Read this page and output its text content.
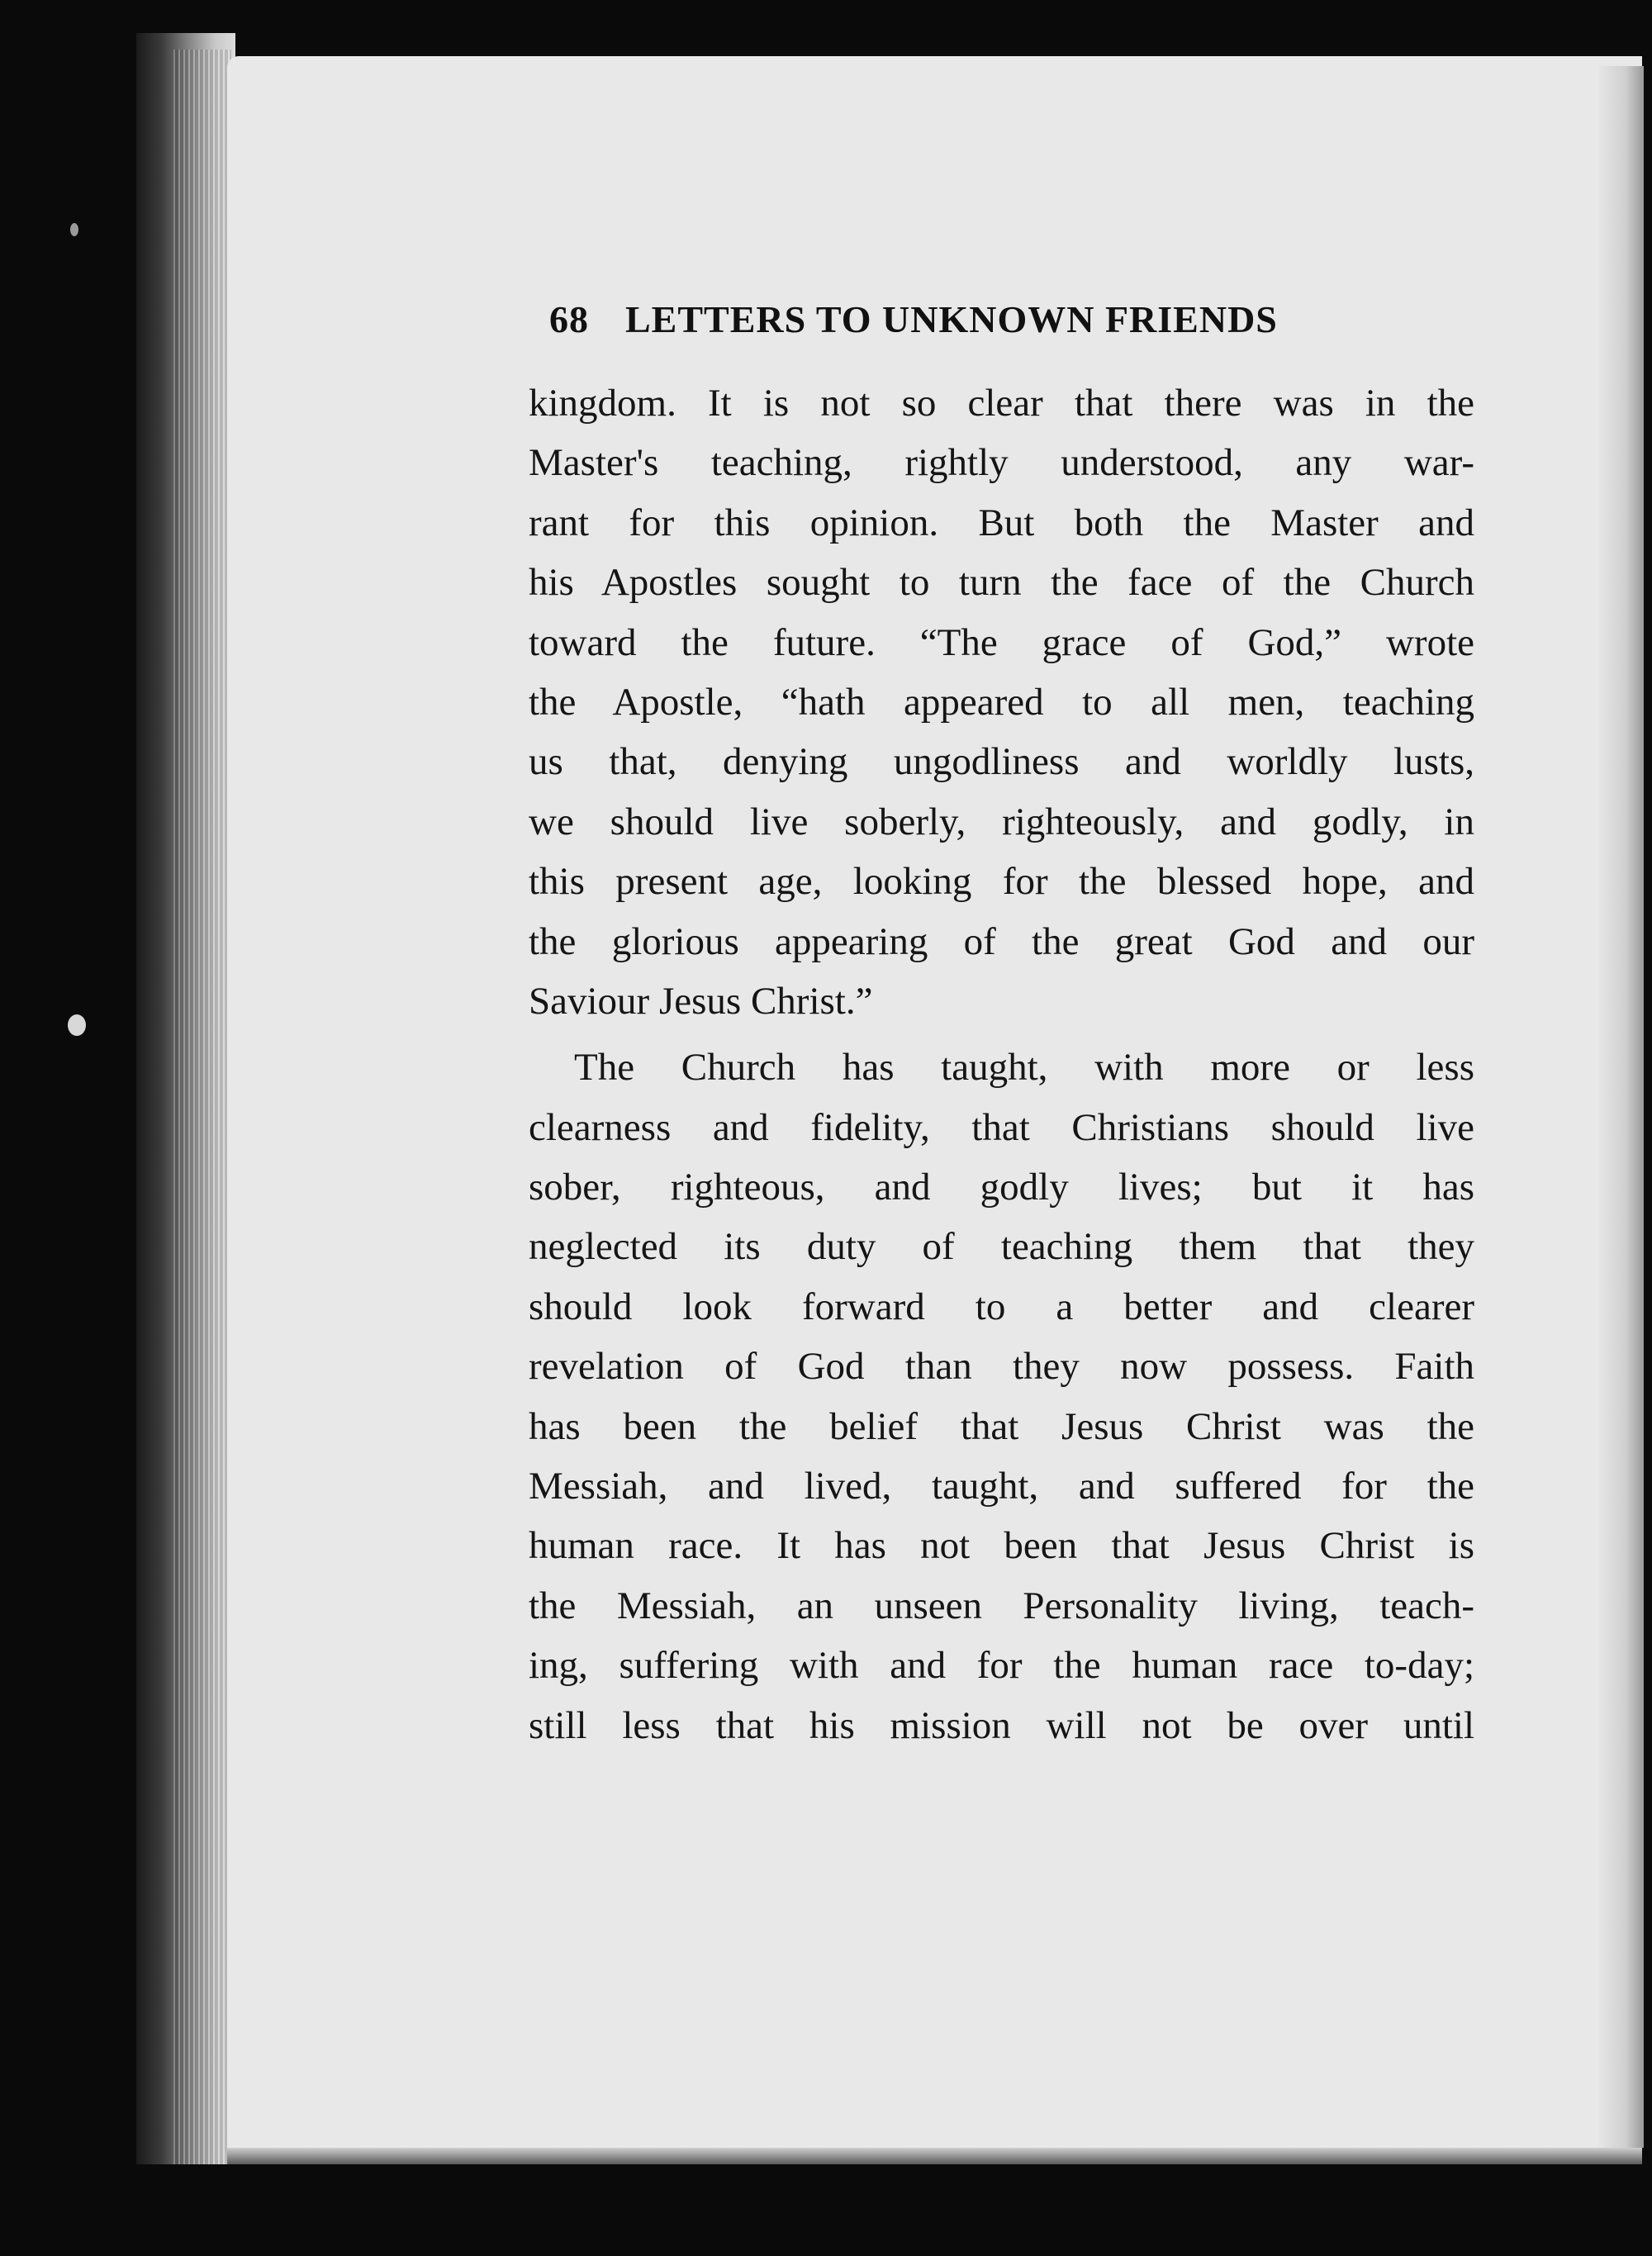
68 LETTERS TO UNKNOWN FRIENDS
kingdom. It is not so clear that there was in the
Master's teaching, rightly understood, any war-
rant for this opinion. But both the Master and
his Apostles sought to turn the face of the Church
toward the future. “The grace of God,” wrote
the Apostle, “hath appeared to all men, teaching
us that, denying ungodliness and worldly lusts,
we should live soberly, righteously, and godly, in
this present age, looking for the blessed hope, and
the glorious appearing of the great God and our
Saviour Jesus Christ.”
The Church has taught, with more or less
clearness and fidelity, that Christians should live
sober, righteous, and godly lives; but it has
neglected its duty of teaching them that they
should look forward to a better and clearer
revelation of God than they now possess. Faith
has been the belief that Jesus Christ was the
Messiah, and lived, taught, and suffered for the
human race. It has not been that Jesus Christ is
the Messiah, an unseen Personality living, teach-
ing, suffering with and for the human race to-day;
still less that his mission will not be over until
